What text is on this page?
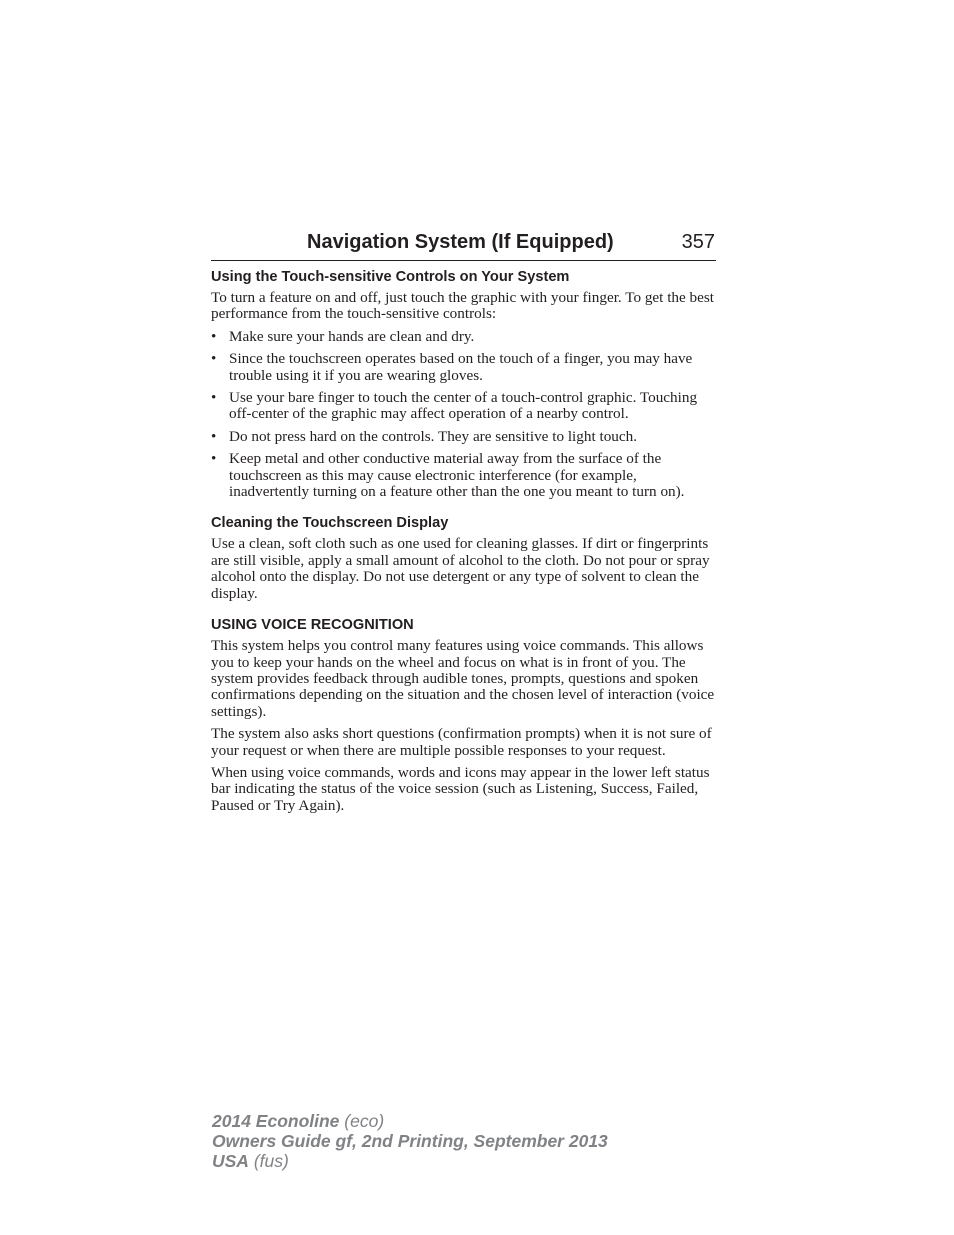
Navigation System (If Equipped)	357
Using the Touch-sensitive Controls on Your System

To turn a feature on and off, just touch the graphic with your finger. To get the best performance from the touch-sensitive controls:

• Make sure your hands are clean and dry.
• Since the touchscreen operates based on the touch of a finger, you may have trouble using it if you are wearing gloves.
• Use your bare finger to touch the center of a touch-control graphic. Touching off-center of the graphic may affect operation of a nearby control.
• Do not press hard on the controls. They are sensitive to light touch.
• Keep metal and other conductive material away from the surface of the touchscreen as this may cause electronic interference (for example, inadvertently turning on a feature other than the one you meant to turn on).
Cleaning the Touchscreen Display

Use a clean, soft cloth such as one used for cleaning glasses. If dirt or fingerprints are still visible, apply a small amount of alcohol to the cloth. Do not pour or spray alcohol onto the display. Do not use detergent or any type of solvent to clean the display.

USING VOICE RECOGNITION

This system helps you control many features using voice commands. This allows you to keep your hands on the wheel and focus on what is in front of you. The system provides feedback through audible tones, prompts, questions and spoken confirmations depending on the situation and the chosen level of interaction (voice settings).

The system also asks short questions (confirmation prompts) when it is not sure of your request or when there are multiple possible responses to your request.

When using voice commands, words and icons may appear in the lower left status bar indicating the status of the voice session (such as Listening, Success, Failed, Paused or Try Again).

2014 Econoline (eco)
Owners Guide gf, 2nd Printing, September 2013
USA (fus)
